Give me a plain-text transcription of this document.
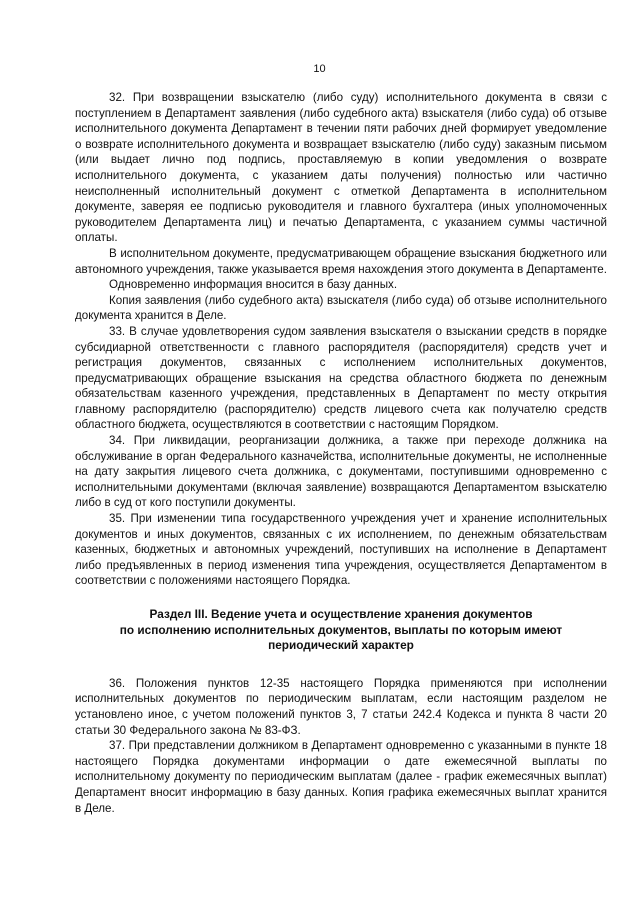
10

32. При возвращении взыскателю (либо суду) исполнительного документа в связи с поступлением в Департамент заявления (либо судебного акта) взыскателя (либо суда) об отзыве исполнительного документа Департамент в течении пяти рабочих дней формирует уведомление о возврате исполнительного документа и возвращает взыскателю (либо суду) заказным письмом (или выдает лично под подпись, проставляемую в копии уведомления о возврате исполнительного документа, с указанием даты получения) полностью или частично неисполненный исполнительный документ с отметкой Департамента в исполнительном документе, заверяя ее подписью руководителя и главного бухгалтера (иных уполномоченных руководителем Департамента лиц) и печатью Департамента, с указанием суммы частичной оплаты.

В исполнительном документе, предусматривающем обращение взыскания бюджетного или автономного учреждения, также указывается время нахождения этого документа в Департаменте.

Одновременно информация вносится в базу данных.

Копия заявления (либо судебного акта) взыскателя (либо суда) об отзыве исполнительного документа хранится в Деле.

33. В случае удовлетворения судом заявления взыскателя о взыскании средств в порядке субсидиарной ответственности с главного распорядителя (распорядителя) средств учет и регистрация документов, связанных с исполнением исполнительных документов, предусматривающих обращение взыскания на средства областного бюджета по денежным обязательствам казенного учреждения, представленных в Департамент по месту открытия главному распорядителю (распорядителю) средств лицевого счета как получателю средств областного бюджета, осуществляются в соответствии с настоящим Порядком.

34. При ликвидации, реорганизации должника, а также при переходе должника на обслуживание в орган Федерального казначейства, исполнительные документы, не исполненные на дату закрытия лицевого счета должника, с документами, поступившими одновременно с исполнительными документами (включая заявление) возвращаются Департаментом взыскателю либо в суд от кого поступили документы.

35. При изменении типа государственного учреждения учет и хранение исполнительных документов и иных документов, связанных с их исполнением, по денежным обязательствам казенных, бюджетных и автономных учреждений, поступивших на исполнение в Департамент либо предъявленных в период изменения типа учреждения, осуществляется Департаментом в соответствии с положениями настоящего Порядка.

Раздел III. Ведение учета и осуществление хранения документов
по исполнению исполнительных документов, выплаты по которым имеют
периодический характер

36. Положения пунктов 12-35 настоящего Порядка применяются при исполнении исполнительных документов по периодическим выплатам, если настоящим разделом не установлено иное, с учетом положений пунктов 3, 7 статьи 242.4 Кодекса и пункта 8 части 20 статьи 30 Федерального закона № 83-ФЗ.

37. При представлении должником в Департамент одновременно с указанными в пункте 18 настоящего Порядка документами информации о дате ежемесячной выплаты по исполнительному документу по периодическим выплатам (далее - график ежемесячных выплат) Департамент вносит информацию в базу данных. Копия графика ежемесячных выплат хранится в Деле.
